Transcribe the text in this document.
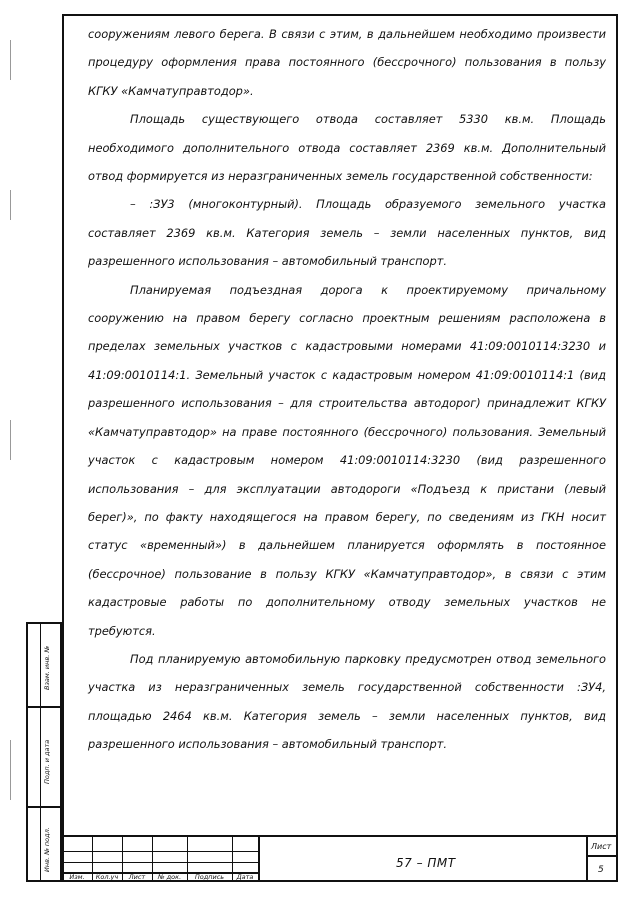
сооружениям левого берега. В связи с этим, в дальнейшем необходимо произвести процедуру оформления права постоянного (бессрочного) пользования в пользу КГКУ «Камчатуправтодор».

Площадь существующего отвода составляет 5330 кв.м. Площадь необходимого дополнительного отвода составляет 2369 кв.м. Дополнительный отвод формируется из неразграниченных земель государственной собственности:

– :ЗУ3 (многоконтурный). Площадь образуемого земельного участка составляет 2369 кв.м. Категория земель – земли населенных пунктов, вид разрешенного использования – автомобильный транспорт.

Планируемая подъездная дорога к проектируемому причальному сооружению на правом берегу согласно проектным решениям расположена в пределах земельных участков с кадастровыми номерами 41:09:0010114:3230 и 41:09:0010114:1. Земельный участок с кадастровым номером 41:09:0010114:1 (вид разрешенного использования – для строительства автодорог) принадлежит КГКУ «Камчатуправтодор» на праве постоянного (бессрочного) пользования. Земельный участок с кадастровым номером 41:09:0010114:3230 (вид разрешенного использования – для эксплуатации автодороги «Подъезд к пристани (левый берег)», по факту находящегося на правом берегу, по сведениям из ГКН носит статус «временный») в дальнейшем планируется оформлять в постоянное (бессрочное) пользование в пользу КГКУ «Камчатуправтодор», в связи с этим кадастровые работы по дополнительному отводу земельных участков не требуются.

Под планируемую автомобильную парковку предусмотрен отвод земельного участка из неразграниченных земель государственной собственности :ЗУ4, площадью 2464 кв.м. Категория земель – земли населенных пунктов, вид разрешенного использования – автомобильный транспорт.

Взам. инв. №
Подп. и дата
Инв. № подл.
Изм.	Кол.уч	Лист	№ док.	Подпись	Дата
57 – ПМТ
Лист
5
